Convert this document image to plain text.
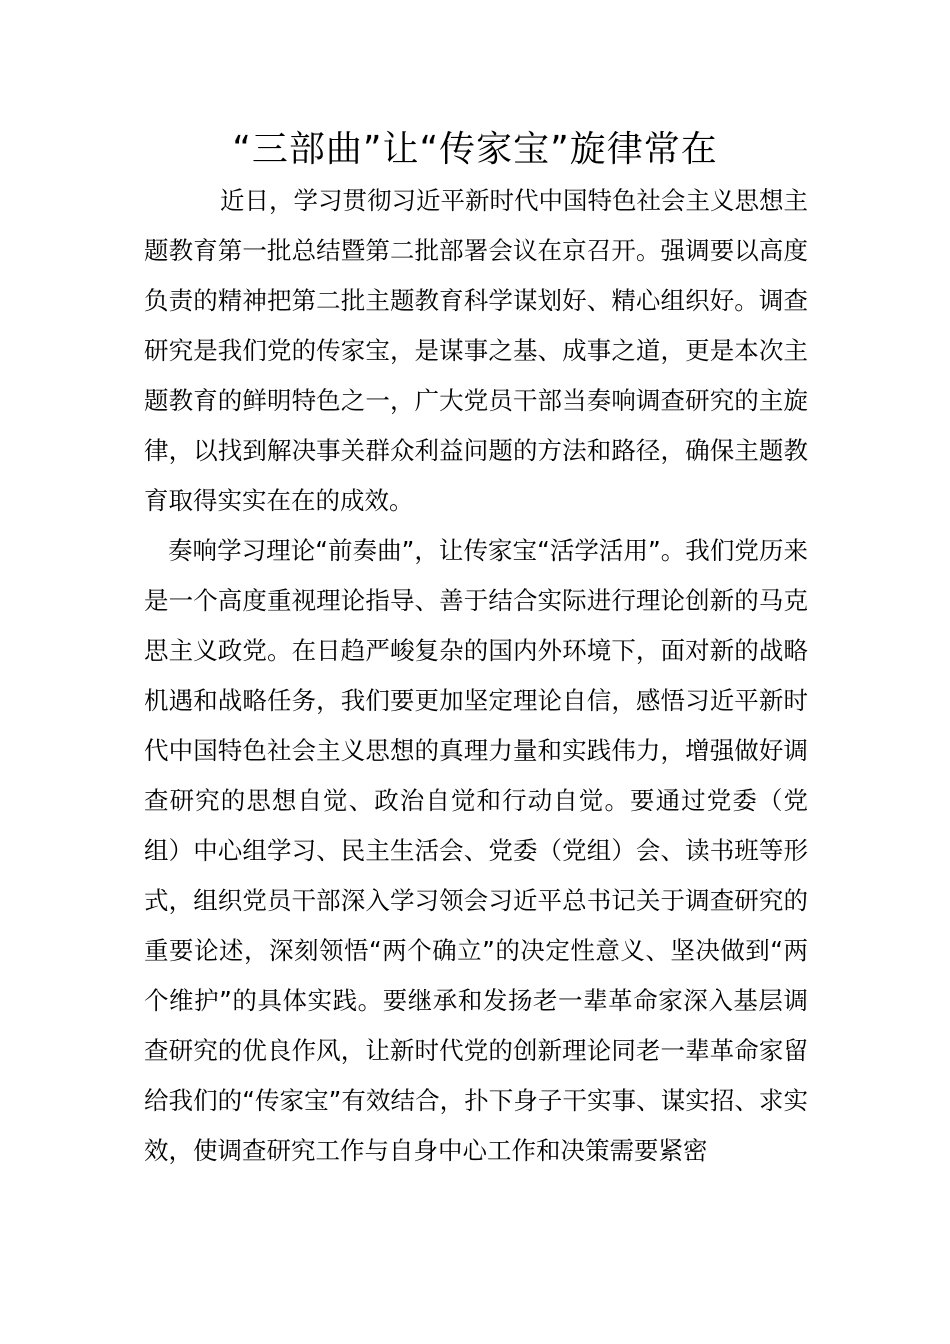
“三部曲”让“传家宝”旋律常在

近日，学习贯彻习近平新时代中国特色社会主义思想主题教育第一批总结暨第二批部署会议在京召开。强调要以高度负责的精神把第二批主题教育科学谋划好、精心组织好。调查研究是我们党的传家宝，是谋事之基、成事之道，更是本次主题教育的鲜明特色之一，广大党员干部当奏响调查研究的主旋律，以找到解决事关群众利益问题的方法和路径，确保主题教育取得实实在在的成效。

奏响学习理论“前奏曲”，让传家宝“活学活用”。我们党历来是一个高度重视理论指导、善于结合实际进行理论创新的马克思主义政党。在日趋严峻复杂的国内外环境下，面对新的战略机遇和战略任务，我们要更加坚定理论自信，感悟习近平新时代中国特色社会主义思想的真理力量和实践伟力，增强做好调查研究的思想自觉、政治自觉和行动自觉。要通过党委（党组）中心组学习、民主生活会、党委（党组）会、读书班等形式，组织党员干部深入学习领会习近平总书记关于调查研究的重要论述，深刻领悟“两个确立”的决定性意义、坚决做到“两个维护”的具体实践。要继承和发扬老一辈革命家深入基层调查研究的优良作风，让新时代党的创新理论同老一辈革命家留给我们的“传家宝”有效结合，扑下身子干实事、谋实招、求实效，使调查研究工作与自身中心工作和决策需要紧密
